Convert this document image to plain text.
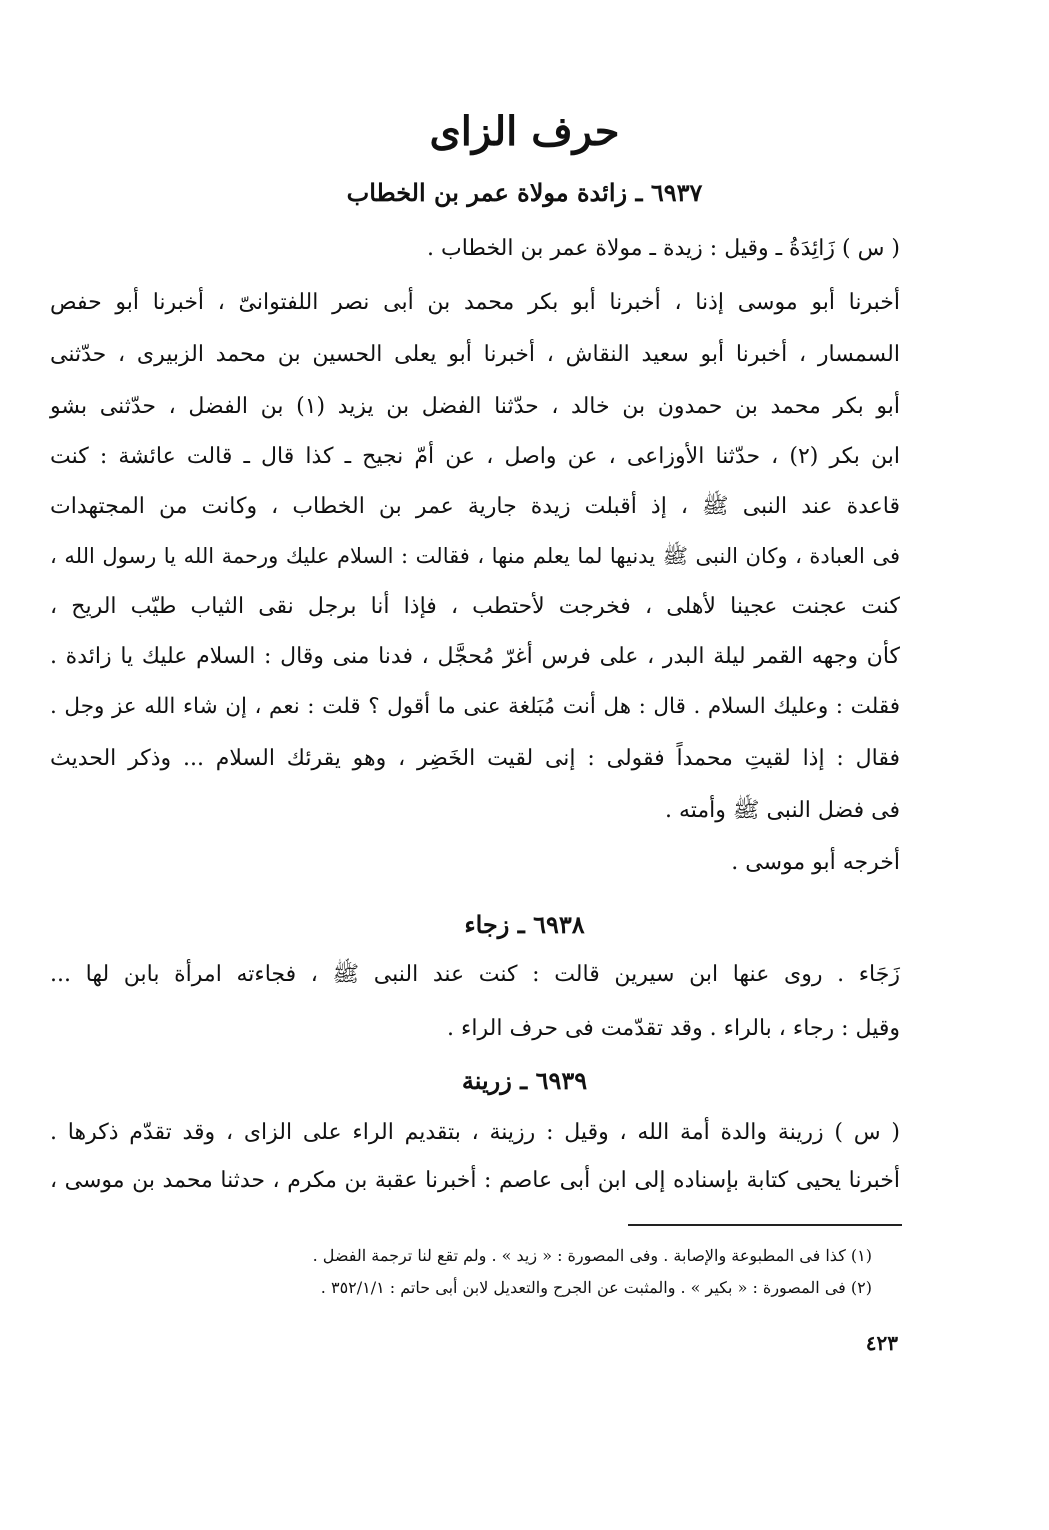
حرف الزاى
٦٩٣٧ ـ زائدة مولاة عمر بن الخطاب
( س ) زَائِدَةُ ـ وقيل : زيدة ـ مولاة عمر بن الخطاب .
أخبرنا أبو موسى إذنا ، أخبرنا أبو بكر محمد بن أبى نصر اللفتوانىّ ، أخبرنا أبو حفص
السمسار ، أخبرنا أبو سعيد النقاش ، أخبرنا أبو يعلى الحسين بن محمد الزبيرى ، حدّثنى
أبو بكر محمد بن حمدون بن خالد ، حدّثنا الفضل بن يزيد (١) بن الفضل ، حدّثنى بشو
ابن بكر (٢) ، حدّثنا الأوزاعى ، عن واصل ، عن أمّ نجيح ـ كذا قال ـ قالت عائشة : كنت
قاعدة عند النبى ﷺ ، إذ أقبلت زيدة جارية عمر بن الخطاب ، وكانت من المجتهدات
فى العبادة ، وكان النبى ﷺ يدنيها لما يعلم منها ، فقالت : السلام عليك ورحمة الله يا رسول الله ،
كنت عجنت عجينا لأهلى ، فخرجت لأحتطب ، فإذا أنا برجل نقى الثياب طيّب الريح ،
كأن وجهه القمر ليلة البدر ، على فرس أغرّ مُحجَّل ، فدنا منى وقال : السلام عليك يا زائدة .
فقلت : وعليك السلام . قال : هل أنت مُبَلغة عنى ما أقول ؟ قلت : نعم ، إن شاء الله عز وجل .
فقال : إذا لقيتِ محمداً فقولى : إنى لقيت الخَضِر ، وهو يقرئك السلام ... وذكر الحديث
فى فضل النبى ﷺ وأمته .
أخرجه أبو موسى .
٦٩٣٨ ـ زجاء
زَجَاء . روى عنها ابن سيرين قالت : كنت عند النبى ﷺ ، فجاءته امرأة بابن لها ...
وقيل : رجاء ، بالراء . وقد تقدّمت فى حرف الراء .
٦٩٣٩ ـ زرينة
( س ) زرينة والدة أمة الله ، وقيل : رزينة ، بتقديم الراء على الزاى ، وقد تقدّم ذكرها .
أخبرنا يحيى كتابة بإسناده إلى ابن أبى عاصم : أخبرنا عقبة بن مكرم ، حدثنا محمد بن موسى ،
(١) كذا فى المطبوعة والإصابة . وفى المصورة : « زيد » . ولم تقع لنا ترجمة الفضل .
(٢) فى المصورة : « بكير » . والمثبت عن الجرح والتعديل لابن أبى حاتم : ٣٥٢/١/١ .
٤٢٣
